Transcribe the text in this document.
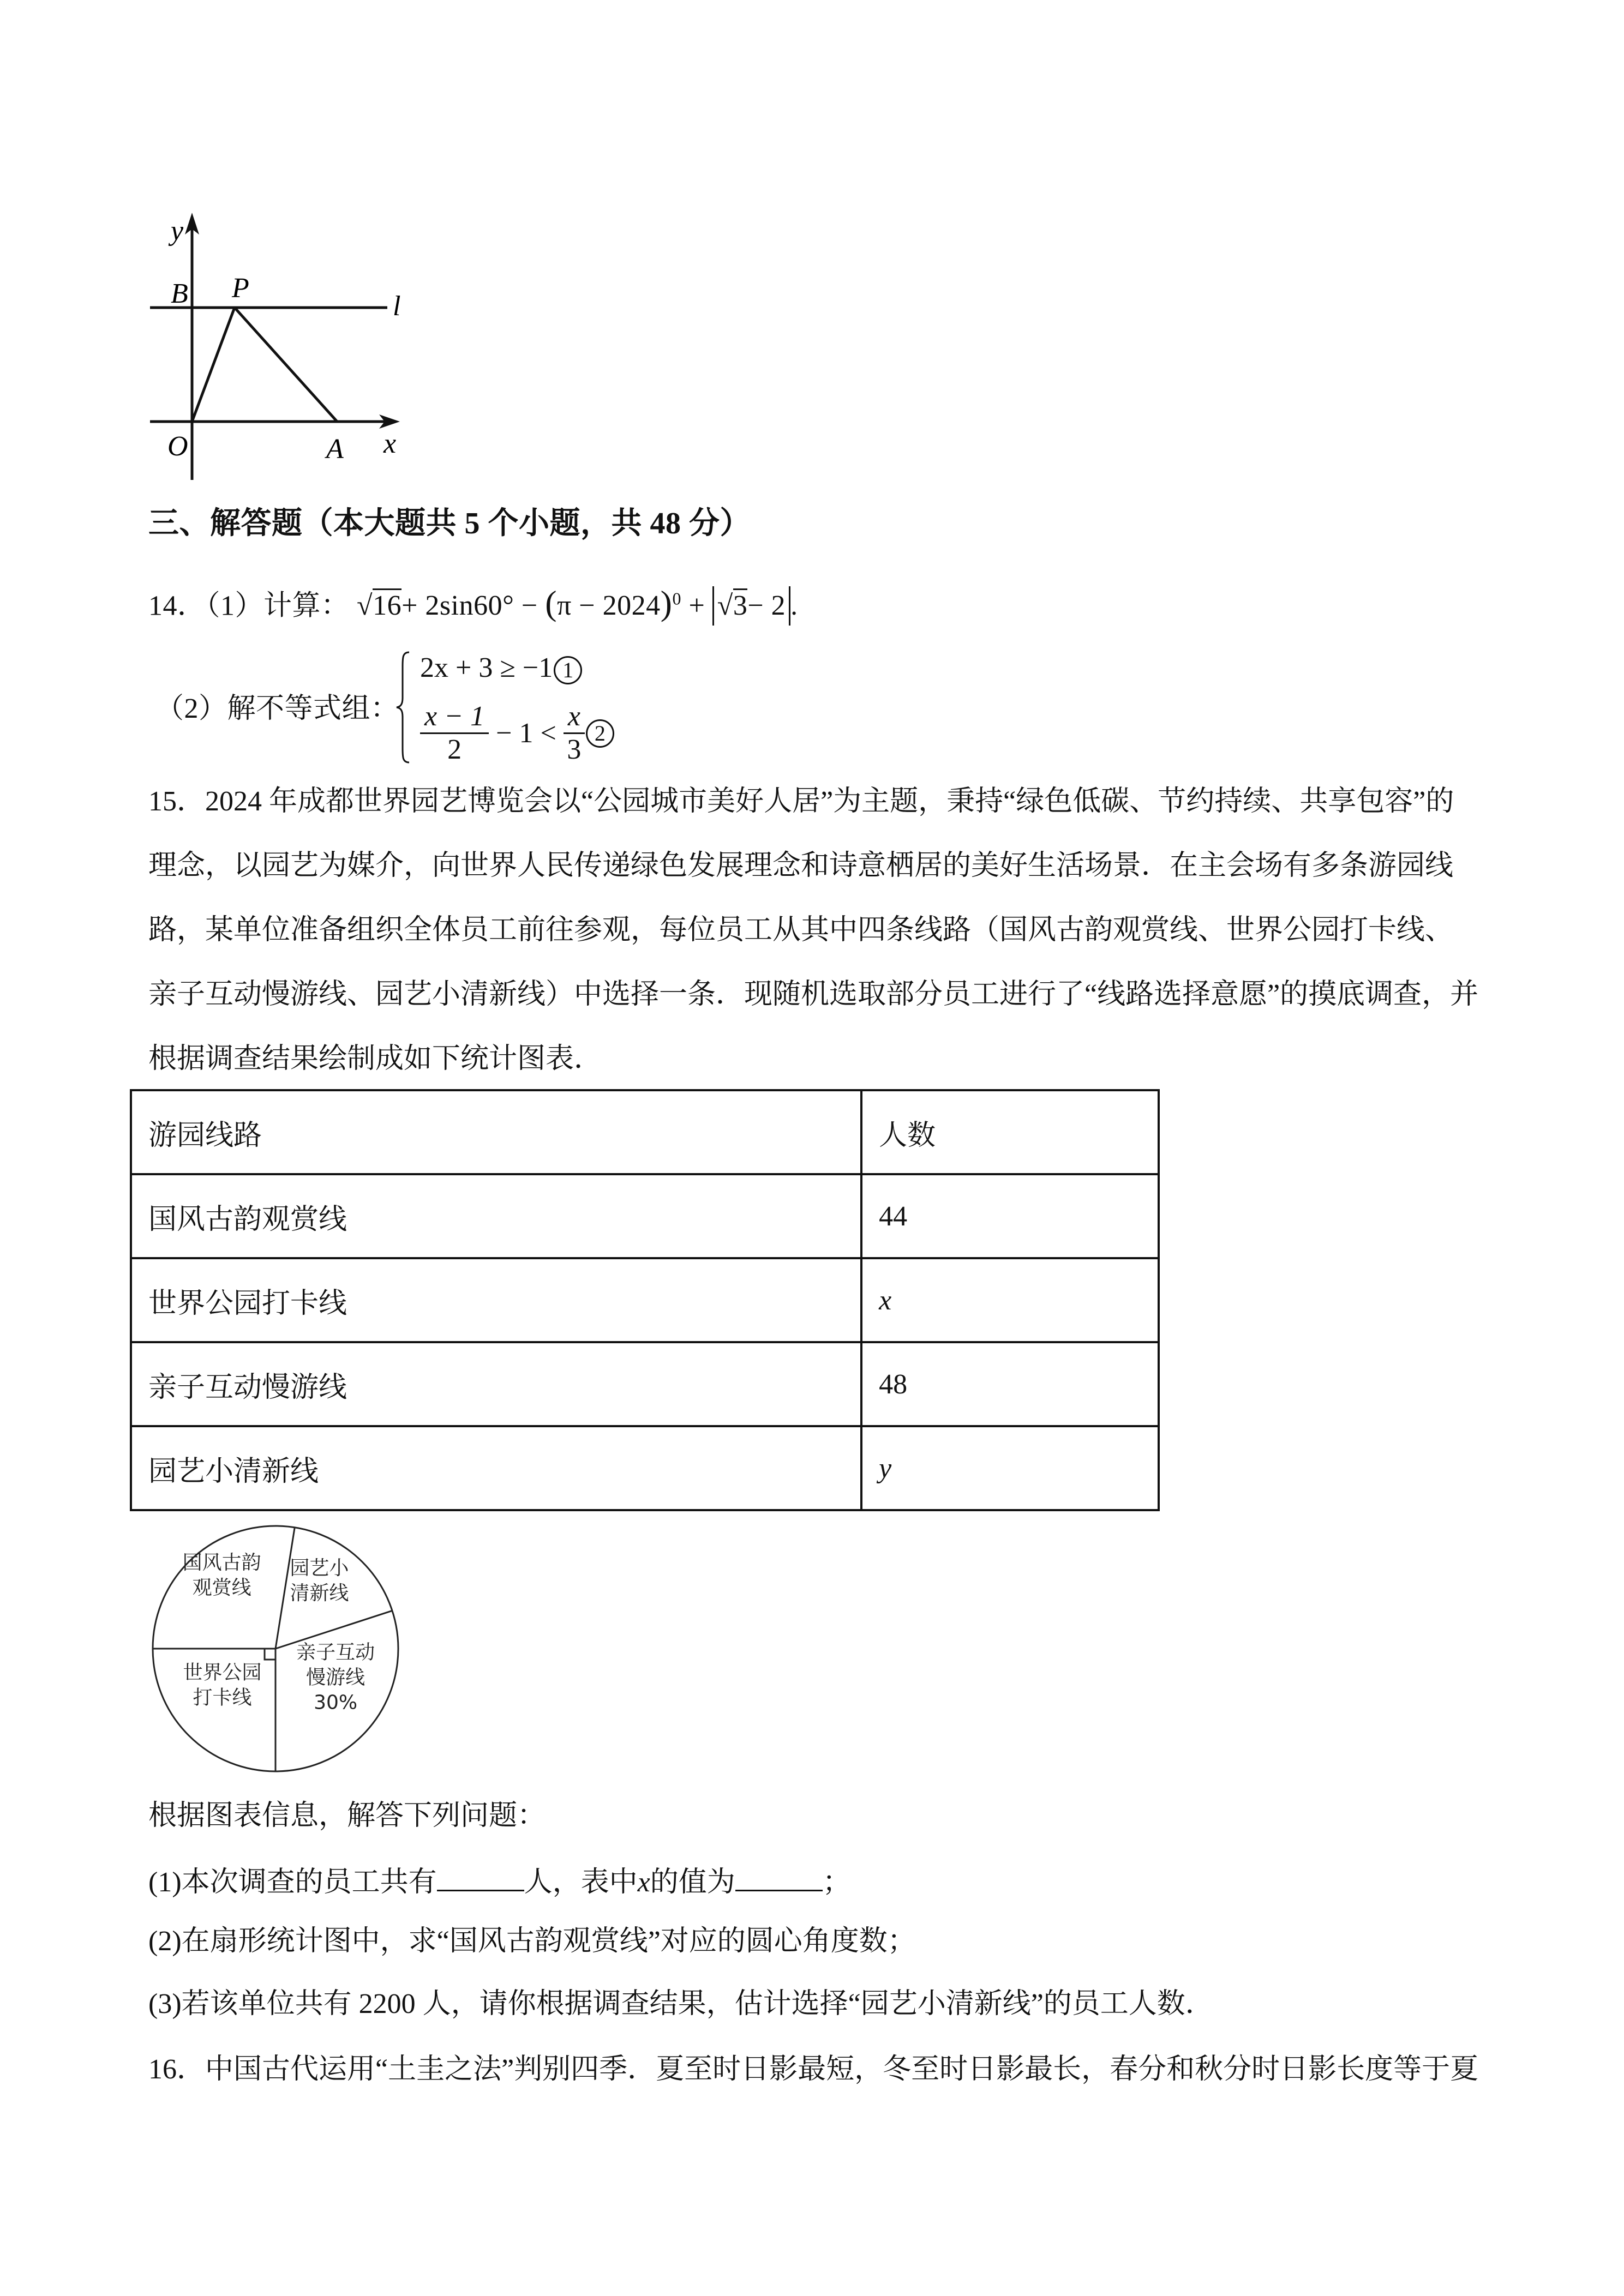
y
B P
l
O	A x
三、解答题（本大题共 5 个小题，共 48 分）
14．（1）计算： $√16+ 2\sin 60^\circ - (\pi - 2024)^0 + √3- 2$ .
（2）解不等式组：
2x + 3 ≥ −1 1
$\frac{x - 1}{2} - 1 < \frac{x}{3} 2$
15．2024 年成都世界园艺博览会以“公园城市美好人居”为主题，秉持“绿色低碳、节约持续、共享包容”的
理念，以园艺为媒介，向世界人民传递绿色发展理念和诗意栖居的美好生活场景．在主会场有多条游园线
路，某单位准备组织全体员工前往参观，每位员工从其中四条线路（国风古韵观赏线、世界公园打卡线、
亲子互动慢游线、园艺小清新线）中选择一条．现随机选取部分员工进行了“线路选择意愿”的摸底调查，并
根据调查结果绘制成如下统计图表．
游园线路	人数
国风古韵观赏线	44
世界公园打卡线	x
亲子互动慢游线	48
园艺小清新线	y
国风古韵
观赏线
园艺小
清新线
亲子互动
慢游线
30%
世界公园
打卡线
根据图表信息，解答下列问题：
(1)本次调查的员工共有	人，表中x的值为	；
(2)在扇形统计图中，求“国风古韵观赏线”对应的圆心角度数；
(3)若该单位共有 2200 人，请你根据调查结果，估计选择“园艺小清新线”的员工人数．
16．中国古代运用“土圭之法”判别四季．夏至时日影最短，冬至时日影最长，春分和秋分时日影长度等于夏
